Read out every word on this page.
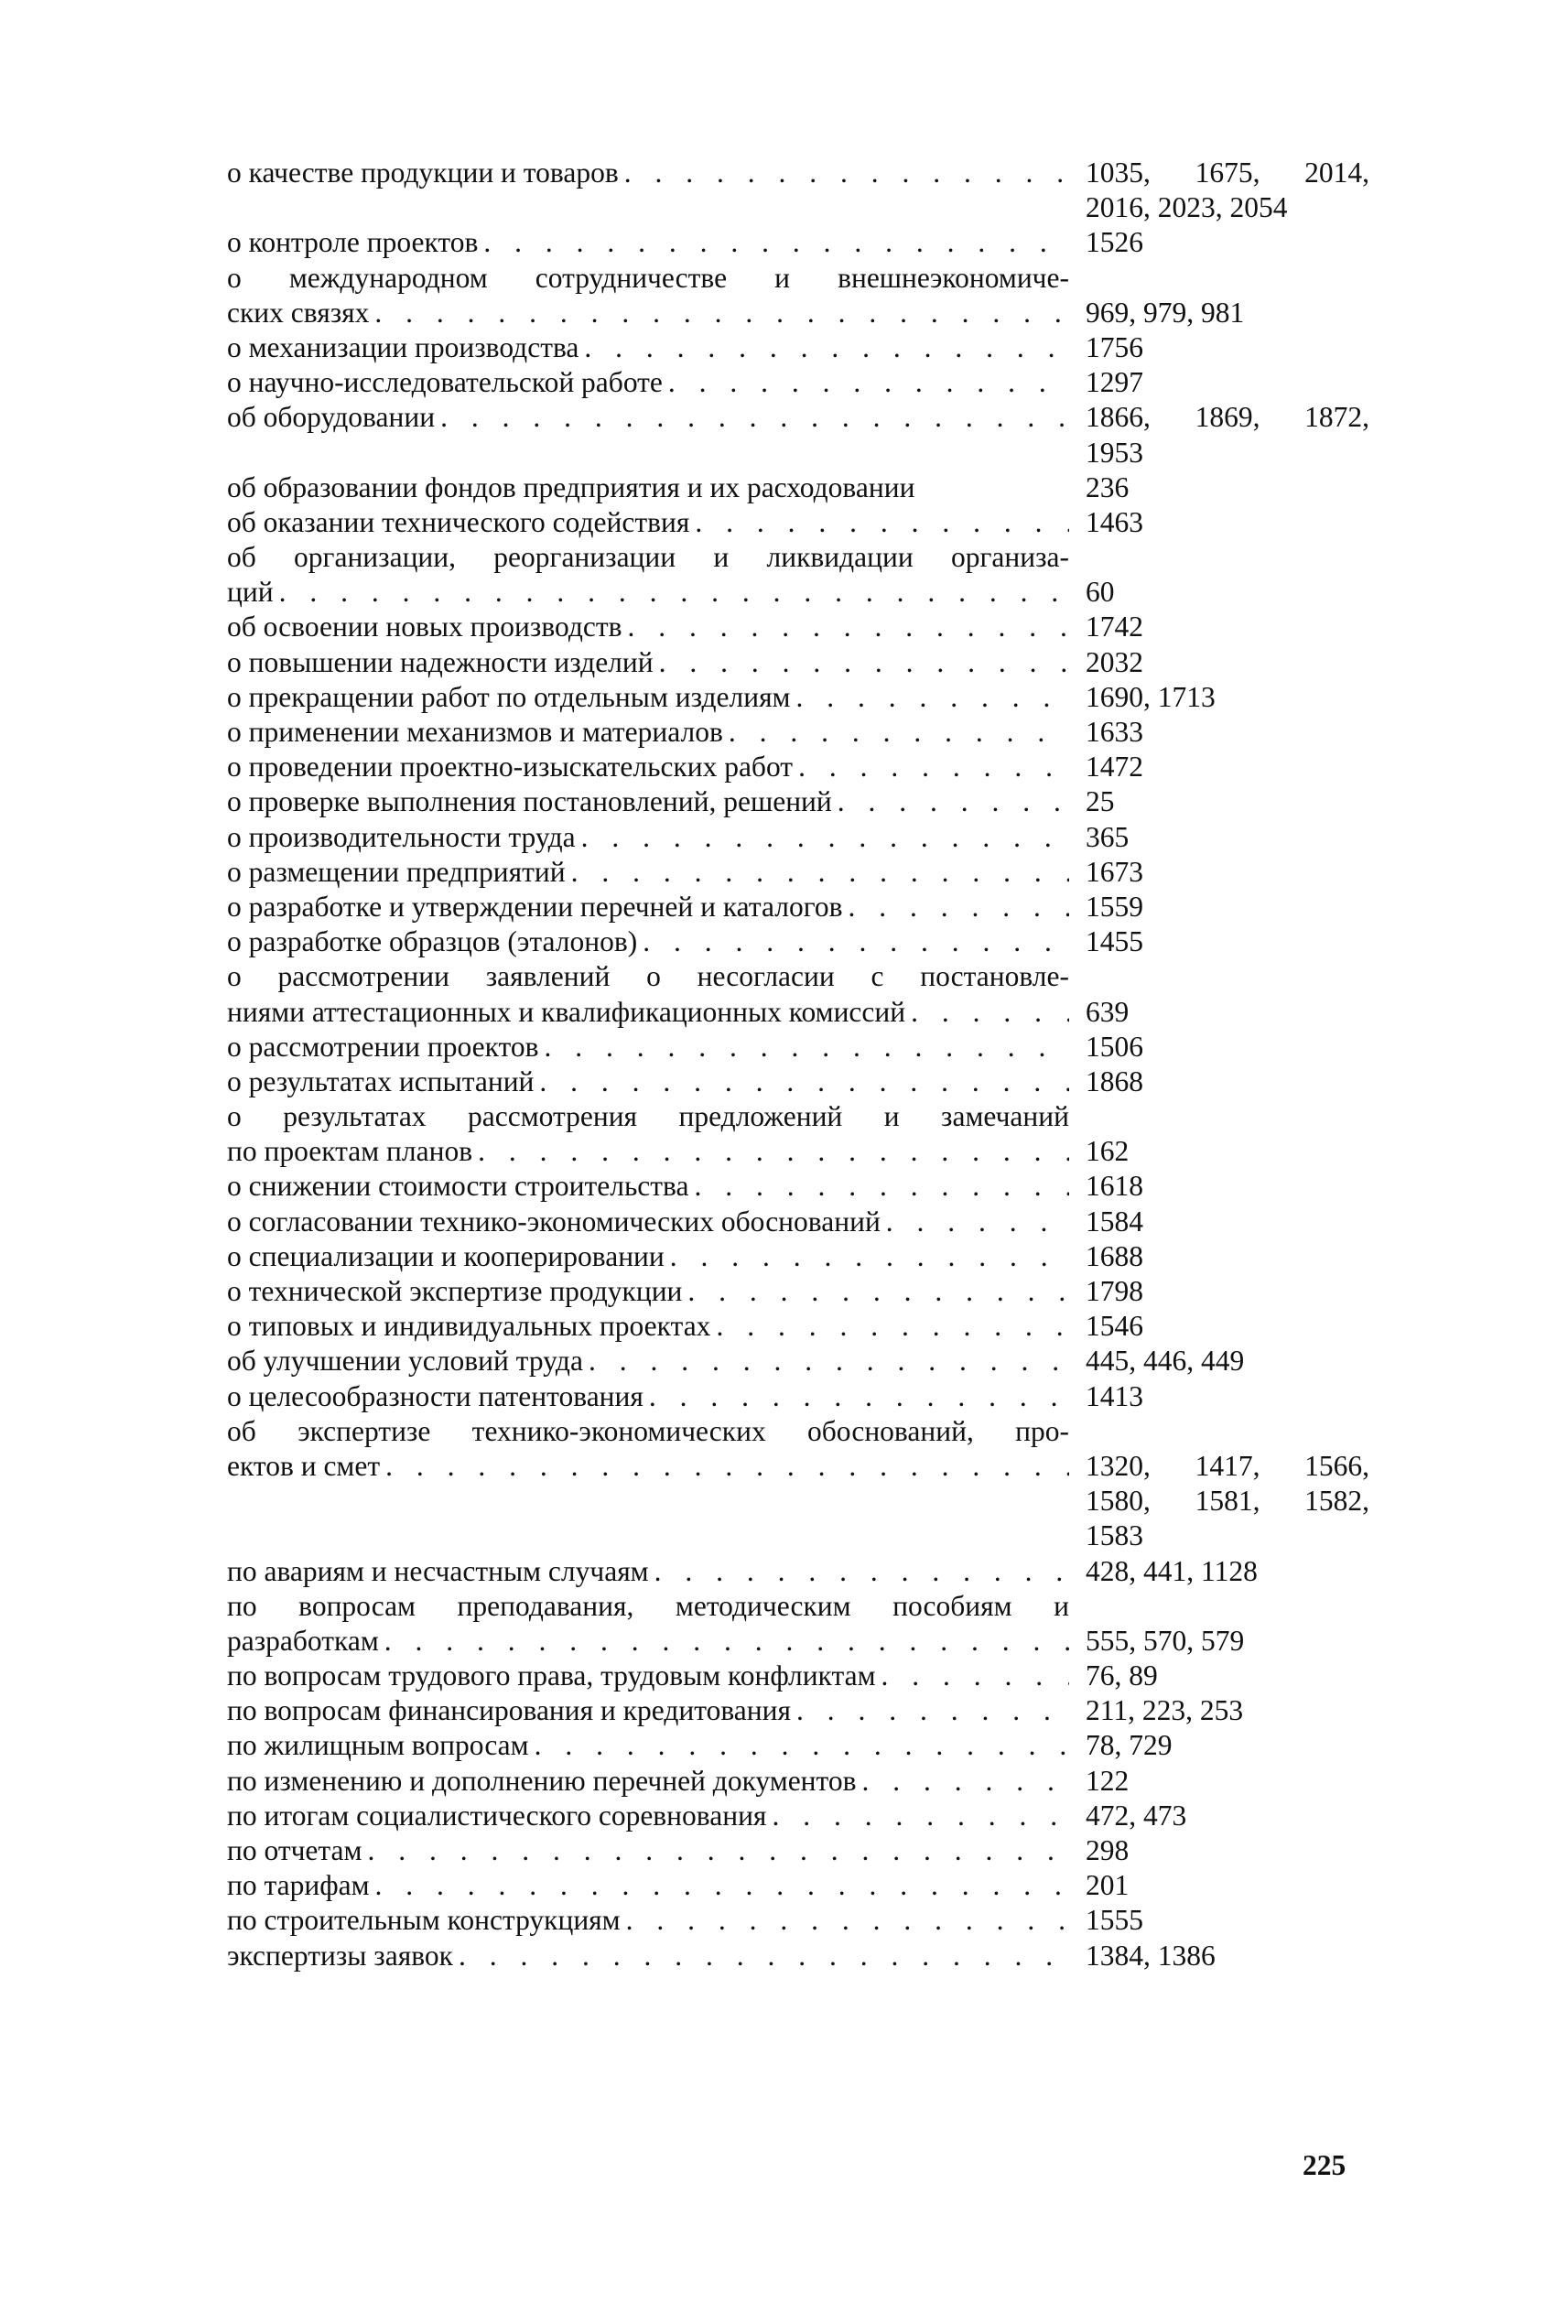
о качестве продукции и товаров . . .	1035, 1675, 2014,
2016, 2023, 2054
о контроле проектов . . .	1526
о международном сотрудничестве и внешнеэкономиче-
ских связях . . .	969, 979, 981
о механизации производства . . .	1756
о научно-исследовательской работе . . .	1297
об оборудовании . . .	1866, 1869, 1872,
1953
об образовании фондов предприятия и их расходовании	236
об оказании технического содействия . . .	1463
об организации, реорганизации и ликвидации организа-
ций . . .	60
об освоении новых производств . . .	1742
о повышении надежности изделий . . .	2032
о прекращении работ по отдельным изделиям . . .	1690, 1713
о применении механизмов и материалов . . .	1633
о проведении проектно-изыскательских работ . . .	1472
о проверке выполнения постановлений, решений . . .	25
о производительности труда . . .	365
о размещении предприятий . . .	1673
о разработке и утверждении перечней и каталогов . . .	1559
о разработке образцов (эталонов) . . .	1455
о рассмотрении заявлений о несогласии с постановле-
ниями аттестационных и квалификационных комиссий . . .	639
о рассмотрении проектов . . .	1506
о результатах испытаний . . .	1868
о результатах рассмотрения предложений и замечаний
по проектам планов . . .	162
о снижении стоимости строительства . . .	1618
о согласовании технико-экономических обоснований . . .	1584
о специализации и кооперировании . . .	1688
о технической экспертизе продукции . . .	1798
о типовых и индивидуальных проектах . . .	1546
об улучшении условий труда . . .	445, 446, 449
о целесообразности патентования . . .	1413
об экспертизе технико-экономических обоснований, про-
ектов и смет . . .	1320, 1417, 1566,
1580, 1581, 1582,
1583
по авариям и несчастным случаям . . .	428, 441, 1128
по вопросам преподавания, методическим пособиям и
разработкам . . .	555, 570, 579
по вопросам трудового права, трудовым конфликтам . . .	76, 89
по вопросам финансирования и кредитования . . .	211, 223, 253
по жилищным вопросам . . .	78, 729
по изменению и дополнению перечней документов . . .	122
по итогам социалистического соревнования . . .	472, 473
по отчетам . . .	298
по тарифам . . .	201
по строительным конструкциям . . .	1555
экспертизы заявок . . .	1384, 1386
225
